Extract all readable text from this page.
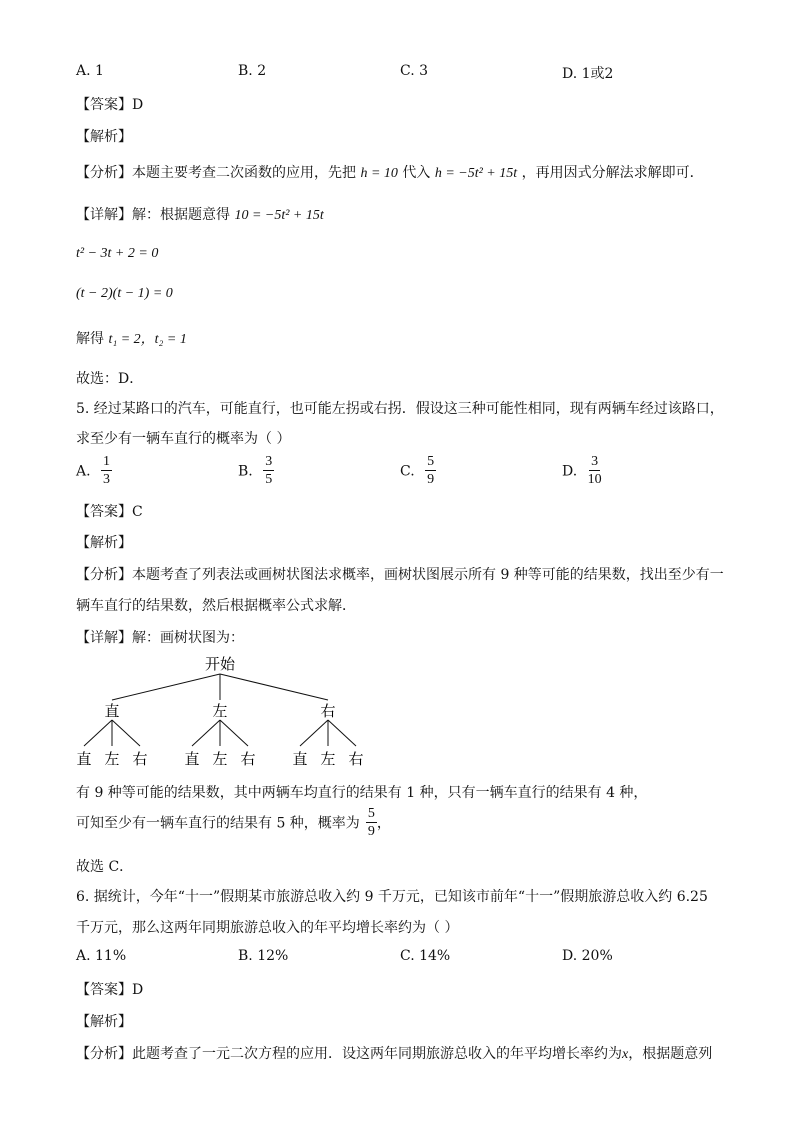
A. 1	B. 2	C. 3	D. 1或2
【答案】D
【解析】
【分析】本题主要考查二次函数的应用，先把 h = 10 代入 h = −5t² + 15t ，再用因式分解法求解即可．
【详解】解：根据题意得 10 = −5t² + 15t
t² − 3t + 2 = 0
(t − 2)(t − 1) = 0
解得 t₁ = 2，t₂ = 1
故选：D．
5. 经过某路口的汽车，可能直行，也可能左拐或右拐．假设这三种可能性相同，现有两辆车经过该路口，
求至少有一辆车直行的概率为（ ）
A. $\frac{1}{3}$	B. $\frac{3}{5}$	C. $\frac{5}{9}$	D. $\frac{3}{10}$
【答案】C
【解析】
【分析】本题考查了列表法或画树状图法求概率，画树状图展示所有 9 种等可能的结果数，找出至少有一
辆车直行的结果数，然后根据概率公式求解．
【详解】解：画树状图为：
开始
直	左	右
直 左 右 直 左 右 直 左 右
有 9 种等可能的结果数，其中两辆车均直行的结果有 1 种，只有一辆车直行的结果有 4 种，
可知至少有一辆车直行的结果有 5 种，概率为 $\frac{5}{9}$ ，
故选 C．
6. 据统计，今年“十一”假期某市旅游总收入约 9 千万元，已知该市前年“十一”假期旅游总收入约 6.25
千万元，那么这两年同期旅游总收入的年平均增长率约为（ ）
A. 11%	B. 12%	C. 14%	D. 20%
【答案】D
【解析】
【分析】此题考查了一元二次方程的应用．设这两年同期旅游总收入的年平均增长率约为x，根据题意列
